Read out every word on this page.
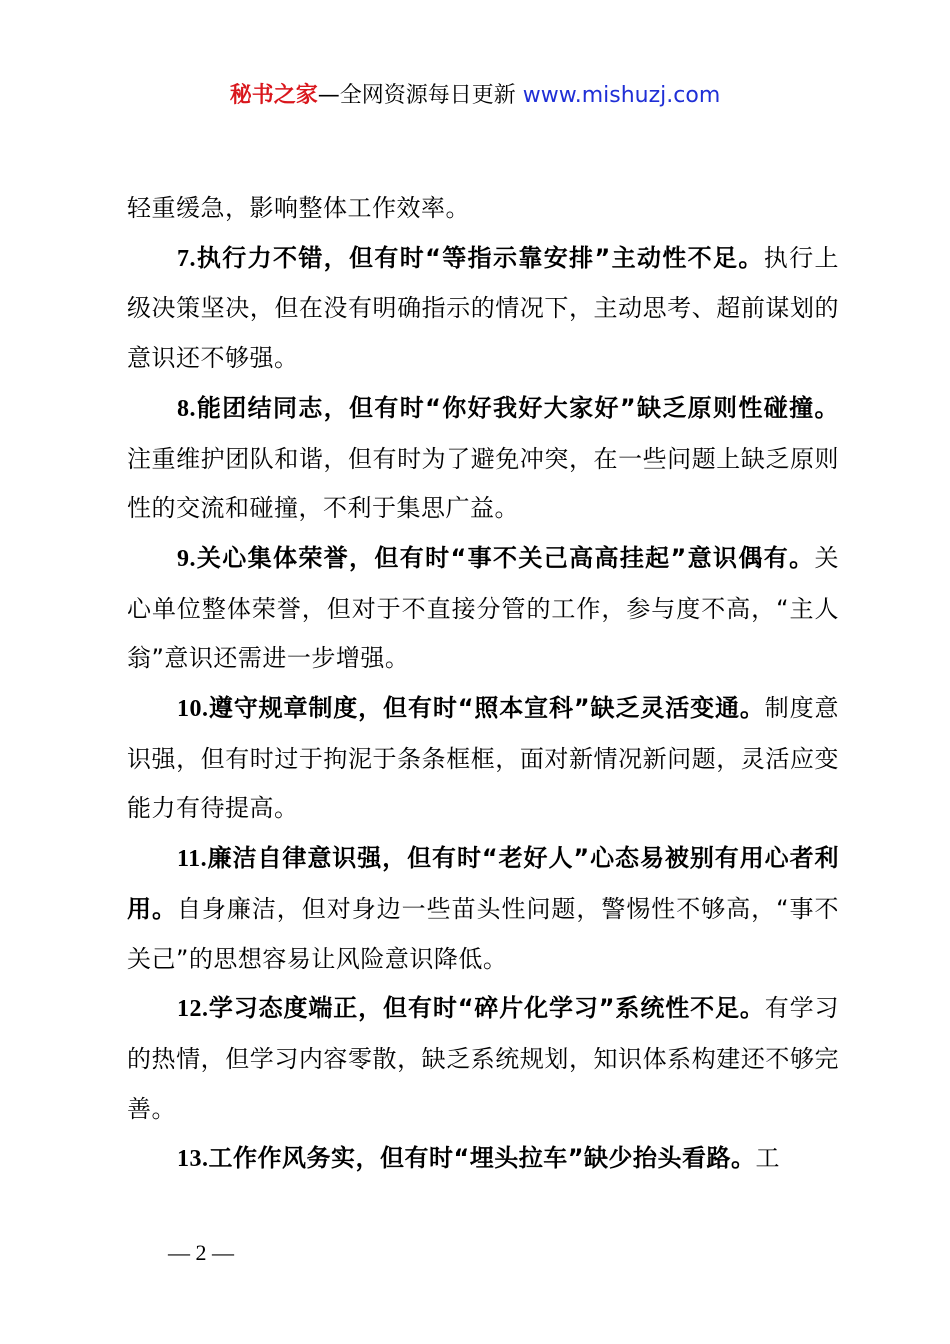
秘书之家—全网资源每日更新 www.mishuzj.com

轻重缓急，影响整体工作效率。

7.执行力不错，但有时“等指示靠安排”主动性不足。执行上级决策坚决，但在没有明确指示的情况下，主动思考、超前谋划的意识还不够强。

8.能团结同志，但有时“你好我好大家好”缺乏原则性碰撞。注重维护团队和谐，但有时为了避免冲突，在一些问题上缺乏原则性的交流和碰撞，不利于集思广益。

9.关心集体荣誉，但有时“事不关己高高挂起”意识偶有。关心单位整体荣誉，但对于不直接分管的工作，参与度不高，“主人翁”意识还需进一步增强。

10.遵守规章制度，但有时“照本宣科”缺乏灵活变通。制度意识强，但有时过于拘泥于条条框框，面对新情况新问题，灵活应变能力有待提高。

11.廉洁自律意识强，但有时“老好人”心态易被别有用心者利用。自身廉洁，但对身边一些苗头性问题，警惕性不够高，“事不关己”的思想容易让风险意识降低。

12.学习态度端正，但有时“碎片化学习”系统性不足。有学习的热情，但学习内容零散，缺乏系统规划，知识体系构建还不够完善。

13.工作作风务实，但有时“埋头拉车”缺少抬头看路。工

— 2 —
